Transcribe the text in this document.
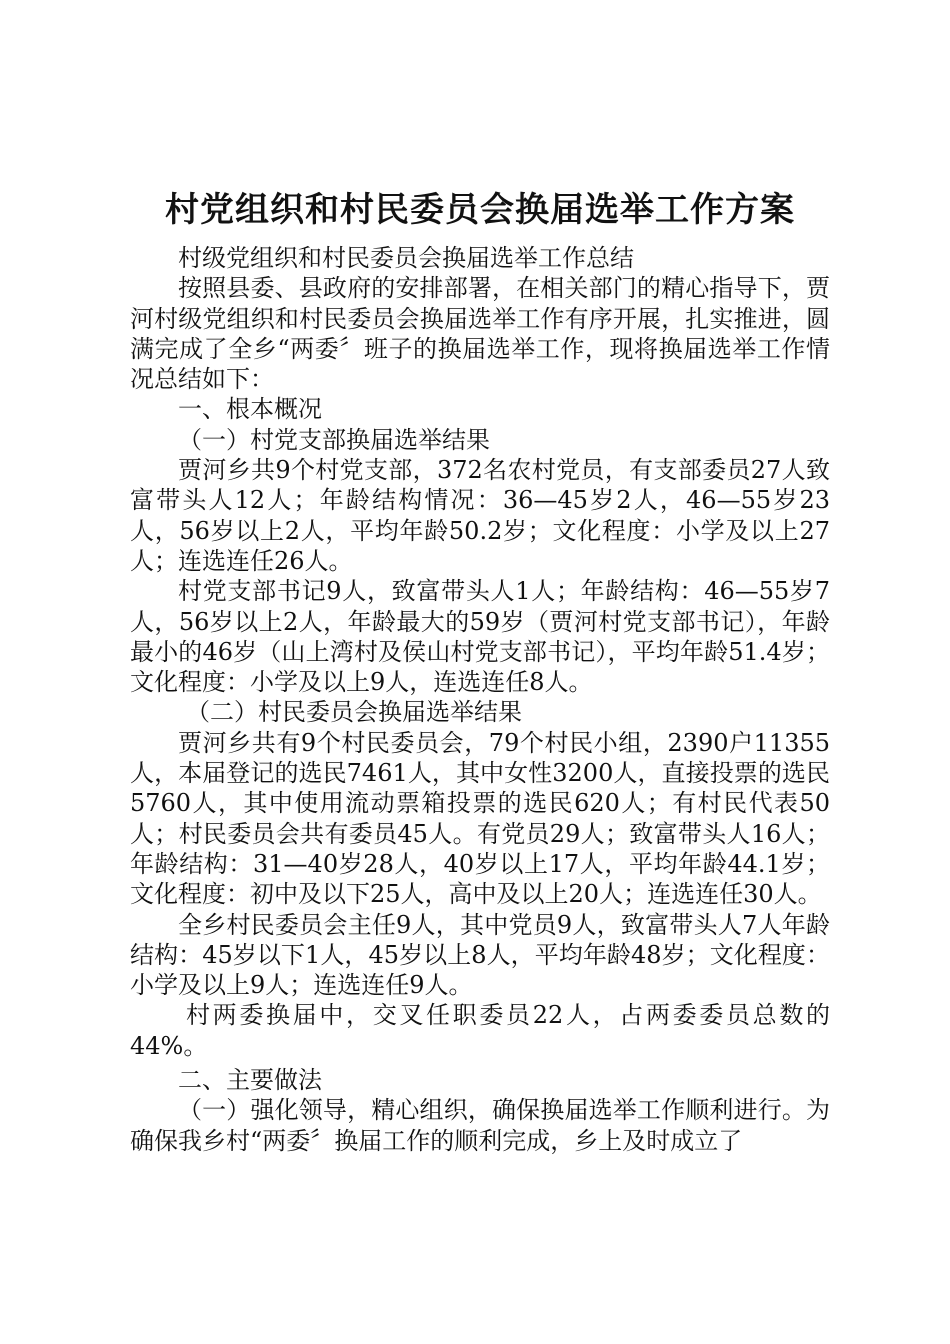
村党组织和村民委员会换届选举工作方案

村级党组织和村民委员会换届选举工作总结

按照县委、县政府的安排部署，在相关部门的精心指导下，贾河村级党组织和村民委员会换届选举工作有序开展，扎实推进，圆满完成了全乡“两委〞班子的换届选举工作，现将换届选举工作情况总结如下：

一、根本概况

（一）村党支部换届选举结果

贾河乡共9个村党支部，372名农村党员，有支部委员27人致富带头人12人；年龄结构情况：36—45岁2人，46—55岁23人，56岁以上2人，平均年龄50.2岁；文化程度：小学及以上27人；连选连任26人。

村党支部书记9人，致富带头人1人；年龄结构：46—55岁7人，56岁以上2人，年龄最大的59岁（贾河村党支部书记），年龄最小的46岁（山上湾村及侯山村党支部书记），平均年龄51.4岁；文化程度：小学及以上9人，连选连任8人。

（二）村民委员会换届选举结果

贾河乡共有9个村民委员会，79个村民小组，2390户11355人，本届登记的选民7461人，其中女性3200人，直接投票的选民5760人，其中使用流动票箱投票的选民620人；有村民代表50人；村民委员会共有委员45人。有党员29人；致富带头人16人；年龄结构：31—40岁28人，40岁以上17人，平均年龄44.1岁；文化程度：初中及以下25人，高中及以上20人；连选连任30人。

全乡村民委员会主任9人，其中党员9人，致富带头人7人年龄结构：45岁以下1人，45岁以上8人，平均年龄48岁；文化程度：小学及以上9人；连选连任9人。

村两委换届中，交叉任职委员22人，占两委委员总数的44%。

二、主要做法

（一）强化领导，精心组织，确保换届选举工作顺利进行。为确保我乡村“两委〞换届工作的顺利完成，乡上及时成立了
